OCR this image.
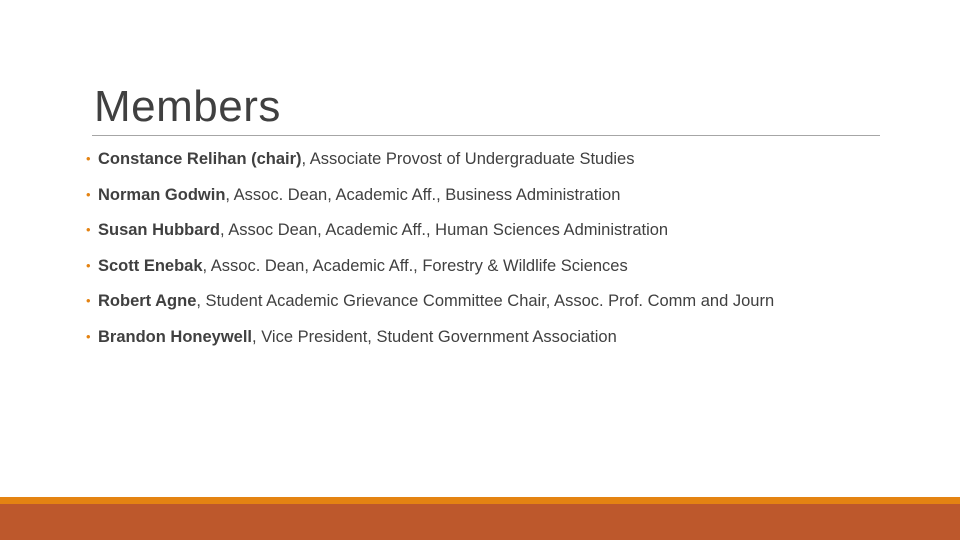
Members
• Constance Relihan (chair), Associate Provost of Undergraduate Studies
• Norman Godwin, Assoc. Dean, Academic Aff., Business Administration
• Susan Hubbard, Assoc Dean, Academic Aff., Human Sciences Administration
• Scott Enebak, Assoc. Dean, Academic Aff., Forestry & Wildlife Sciences
• Robert Agne, Student Academic Grievance Committee Chair, Assoc. Prof. Comm and Journ
• Brandon Honeywell, Vice President, Student Government Association
